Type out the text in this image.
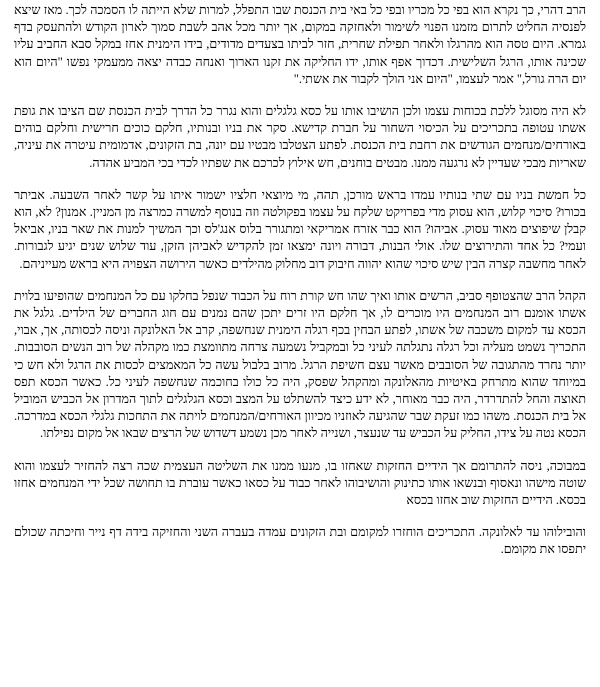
הרב דהרי, כך נקרא הוא בפי כל מכריו ובפי כל באי בית הכנסת שבו התפלל, למרות שלא הייתה לו הסמכה לכך. מאז שיצא לפנסיה החליט לתרום מזמנו הפנוי לשימור ולאחזקה במקום, אך יותר מכל אהב לשבת סמוך לארון הקודש ולהתעסק בדף גמרא. היום טסה הוא מהרגלו ולאחר תפילת שחרית, חזר לביתו בצעדים מדודים, בידו הימנית אחז במקל סבא החביב עליו שכינה אותו, הרגל השלישית. דכדוך אפף אותו, ידו החליקה את זקנו הארוך ואנחה כבדה יצאה ממעמקי נפשו "היום הוא יום הרה גורל," אמר לעצמו, "היום אני הולך לקבור את אשתי."

לא היה מסוגל ללכת בכוחות עצמו ולכן הושיבו אותו על כסא גלגלים והוא נגרר כל הדרך לבית הכנסת שם הציבו את גופת אשתו עטופה בתכריכים על הכיסוי השחור על חברת קדישא. סקר את בניו ובנותיו, חלקם כוכים חרישית וחלקם בוהים באורחים/מנחמים הגודשים את רחבת בית הכנסת. לפתע הצטלבו מבטיו עם יונה, בת הזקונים, אדמומית עיטרה את עיניה, שאריות מבכי שעדיין לא נרגעה ממנו. מבטים בוחנים, חש אילוץ לכרכם את שפתיו לכדי בכי המביע אהדה.

כל חמשת בניו עם שתי בנותיו עמדו בראש מורכן, תהה, מי מיוצאי חלציו ישמור איתו על קשר לאחר השבעה. אביתר בכורו? סיכוי קלוש, הוא עסוק מדי בפרויקט שלקח על עצמו בפקולטה וזה בנוסף למשרה כמרצה מן המניין. אמנון? לא, הוא קבלן שיפוצים מאוד עסוק. אביהו? הוא כבר אזרח אמריקאי ומתגורר בלוס אנג'לס וכך המשיך למנות את שאר בניו, אביאל ועמי? כל אחד והתירוצים שלו. אולי הבנות, דבורה ויונה ימצאו זמן להקדיש לאביהן הזקן, עוד שלוש שנים יגיע לגבורות. לאחר מחשבה קצרה הבין שיש סיכוי שהוא יהווה חיבוק דוב מחלוק מהילדים כאשר הירושה הצפויה היא בראש מעייניהם.

הקהל הרב שהצטופף סביב, הרשים אותו ואיך שהו חש קורת רוח על הכבוד שנפל בחלקו עם כל המנחמים שהופיעו בלוית אשתו אומנם רוב המנחמים היו מוכרים לו, אך חלקם היו זרים יתכן שהם נמנים עם חוג החברים של הילדים. גלגל את הכסא עד למקום משכבה של אשתו, לפתע הבחין בכף רגלה הימנית שנחשפה, קרב אל האלונקה וניסה לכסותה, אך, אבוי, התכריך נשמט מעליה וכל רגלה נתגלתה לעיני כל ובמקביל נשמעה צרחה מתוומצת כמו מקהלה של רוב הנשים הסובבות. יותר נחרד מהתגובה של הסובבים מאשר עצם חשיפת הרגל. מרוב בלבול עשה כל המאמצים לכסות את הרגל ולא חש כי במיוחד שהוא מתרחק באיטיות מהאלונקה ומהקהל שפסק, היה כל כולו בחוכמה שנחשפה לעיני כל. כאשר הכסא תפס תאוצה והחל להתדרדר, היה כבר מאוחר, לא ידע כיצד להשתלט על המצב וכסא הגלגלים לתוך המדרון אל הכביש המוביל אל בית הכנסת. משהו כמו זעקת שבר שהגיעה לאוזניו מכיוון האורחים/המנחמים לויתה את התחכות גלגלי הכסא במדרכה. הכסא נטה על צידו, החליק על הכביש עד שנעצר, ושנייה לאחר מכן נשמע דשדוש של הרצים שבאו אל מקום נפילתו.

במבוכה, ניסה להתרומם אך הידיים החזקות שאחזו בו, מנעו ממנו את השליטה העצמית שכה רצה להחזיר לעצמו והוא שוטה מישהו ונאסוף ובנשאו אותו כתינוק והושיבוהו לאחר כבוד על כסאו כאשר עוברת בו תחושה שכל ידי המנחמים אחזו בכסא. הידיים החזקות שוב אחזו בכסא

והובילוהו עד לאלונקה. התכריכים הוחזרו למקומם ובת הזקונים עמדה בעברה השני והחזיקה בידה דף נייר וחיכתה שכולם יתפסו את מקומם.
